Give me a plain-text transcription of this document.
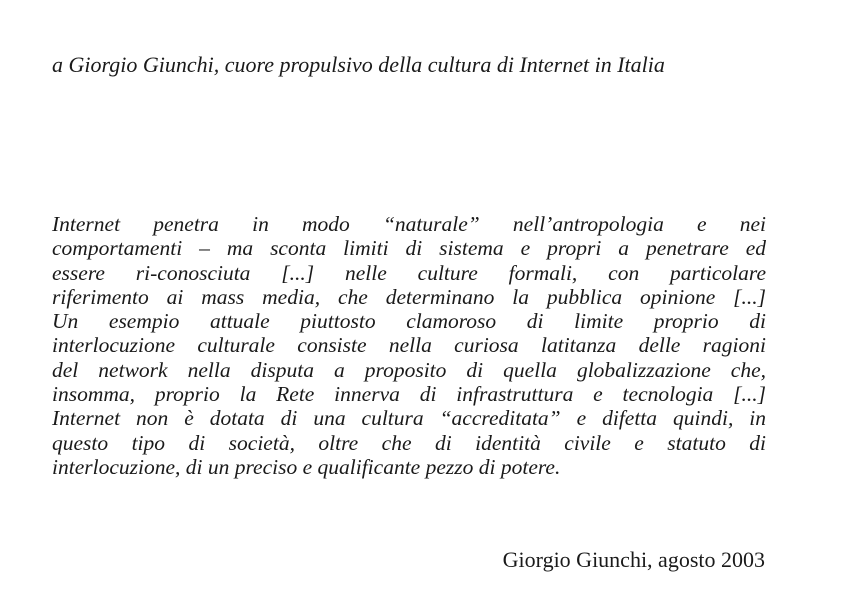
a Giorgio Giunchi, cuore propulsivo della cultura di Internet in Italia
Internet penetra in modo “naturale” nell’antropologia e nei
comportamenti – ma sconta limiti di sistema e propri a penetrare ed
essere ri-conosciuta [...] nelle culture formali, con particolare
riferimento ai mass media, che determinano la pubblica opinione [...]
Un esempio attuale piuttosto clamoroso di limite proprio di
interlocuzione culturale consiste nella curiosa latitanza delle ragioni
del network nella disputa a proposito di quella globalizzazione che,
insomma, proprio la Rete innerva di infrastruttura e tecnologia [...]
Internet non è dotata di una cultura “accreditata” e difetta quindi, in
questo tipo di società, oltre che di identità civile e statuto di
interlocuzione, di un preciso e qualificante pezzo di potere.
Giorgio Giunchi, agosto 2003
